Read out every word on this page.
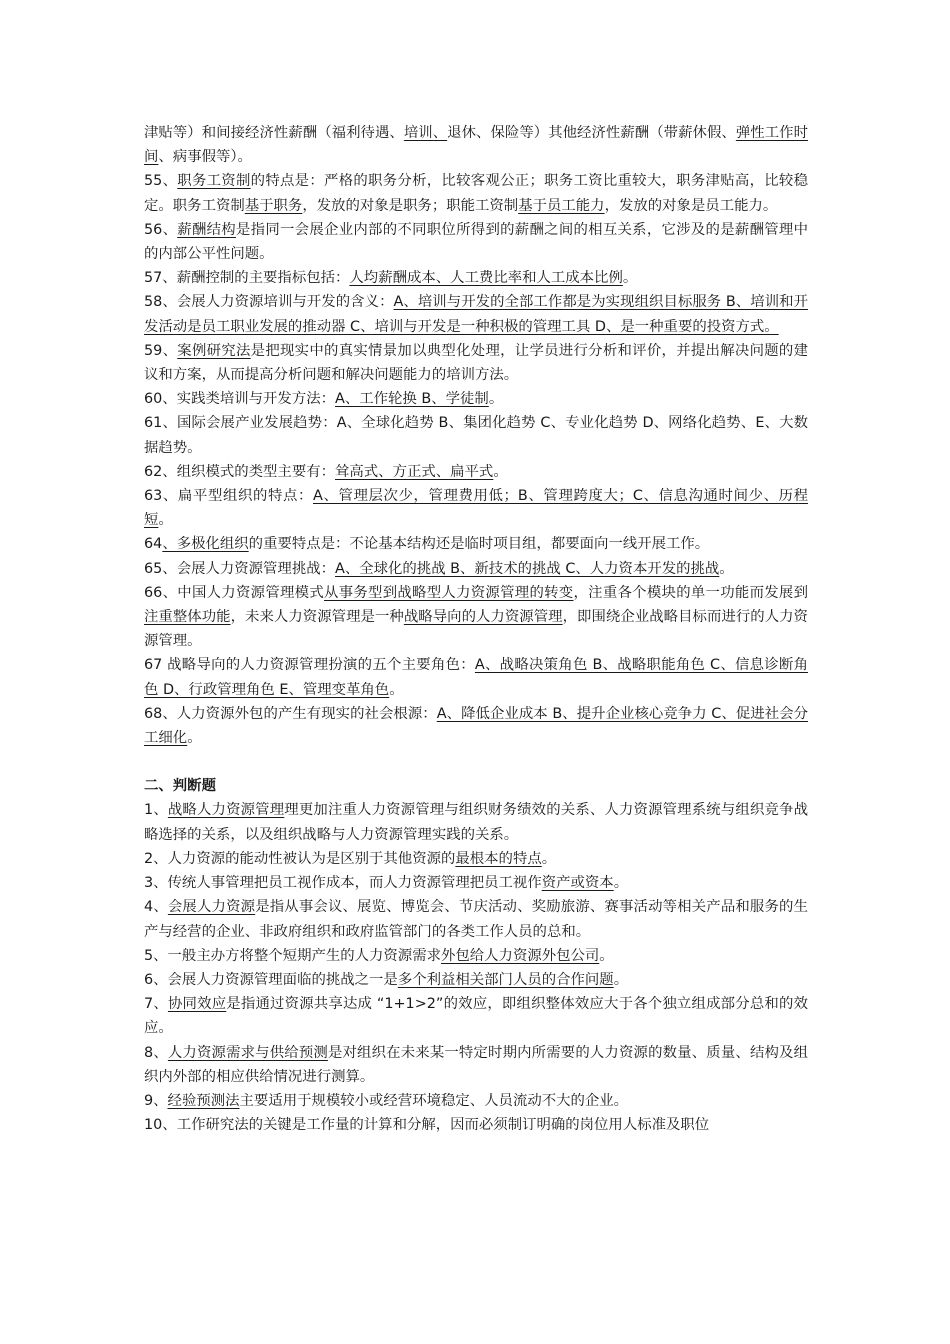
津贴等）和间接经济性薪酬（福利待遇、培训、退休、保险等）其他经济性薪酬（带薪休假、弹性工作时间、病事假等）。

55、职务工资制的特点是：严格的职务分析，比较客观公正；职务工资比重较大，职务津贴高，比较稳定。职务工资制基于职务，发放的对象是职务；职能工资制基于员工能力，发放的对象是员工能力。

56、薪酬结构是指同一会展企业内部的不同职位所得到的薪酬之间的相互关系，它涉及的是薪酬管理中的内部公平性问题。

57、薪酬控制的主要指标包括：人均薪酬成本、人工费比率和人工成本比例。

58、会展人力资源培训与开发的含义：A、培训与开发的全部工作都是为实现组织目标服务 B、培训和开发活动是员工职业发展的推动器 C、培训与开发是一种积极的管理工具 D、是一种重要的投资方式。

59、案例研究法是把现实中的真实情景加以典型化处理，让学员进行分析和评价，并提出解决问题的建议和方案，从而提高分析问题和解决问题能力的培训方法。

60、实践类培训与开发方法：A、工作轮换 B、学徒制。

61、国际会展产业发展趋势：A、全球化趋势 B、集团化趋势 C、专业化趋势 D、网络化趋势、E、大数据趋势。

62、组织模式的类型主要有：耸高式、方正式、扁平式。

63、扁平型组织的特点：A、管理层次少，管理费用低；B、管理跨度大；C、信息沟通时间少、历程短。

64、多极化组织的重要特点是：不论基本结构还是临时项目组，都要面向一线开展工作。

65、会展人力资源管理挑战：A、全球化的挑战 B、新技术的挑战 C、人力资本开发的挑战。

66、中国人力资源管理模式从事务型到战略型人力资源管理的转变，注重各个模块的单一功能而发展到注重整体功能，未来人力资源管理是一种战略导向的人力资源管理，即围绕企业战略目标而进行的人力资源管理。

67 战略导向的人力资源管理扮演的五个主要角色：A、战略决策角色 B、战略职能角色 C、信息诊断角色 D、行政管理角色 E、管理变革角色。

68、人力资源外包的产生有现实的社会根源：A、降低企业成本 B、提升企业核心竞争力 C、促进社会分工细化。

二、判断题

1、战略人力资源管理理更加注重人力资源管理与组织财务绩效的关系、人力资源管理系统与组织竞争战略选择的关系，以及组织战略与人力资源管理实践的关系。

2、人力资源的能动性被认为是区别于其他资源的最根本的特点。

3、传统人事管理把员工视作成本，而人力资源管理把员工视作资产或资本。

4、会展人力资源是指从事会议、展览、博览会、节庆活动、奖励旅游、赛事活动等相关产品和服务的生产与经营的企业、非政府组织和政府监管部门的各类工作人员的总和。

5、一般主办方将整个短期产生的人力资源需求外包给人力资源外包公司。

6、会展人力资源管理面临的挑战之一是多个利益相关部门人员的合作问题。

7、协同效应是指通过资源共享达成 “1+1>2”的效应，即组织整体效应大于各个独立组成部分总和的效应。

8、人力资源需求与供给预测是对组织在未来某一特定时期内所需要的人力资源的数量、质量、结构及组织内外部的相应供给情况进行测算。

9、经验预测法主要适用于规模较小或经营环境稳定、人员流动不大的企业。

10、工作研究法的关键是工作量的计算和分解，因而必须制订明确的岗位用人标准及职位
